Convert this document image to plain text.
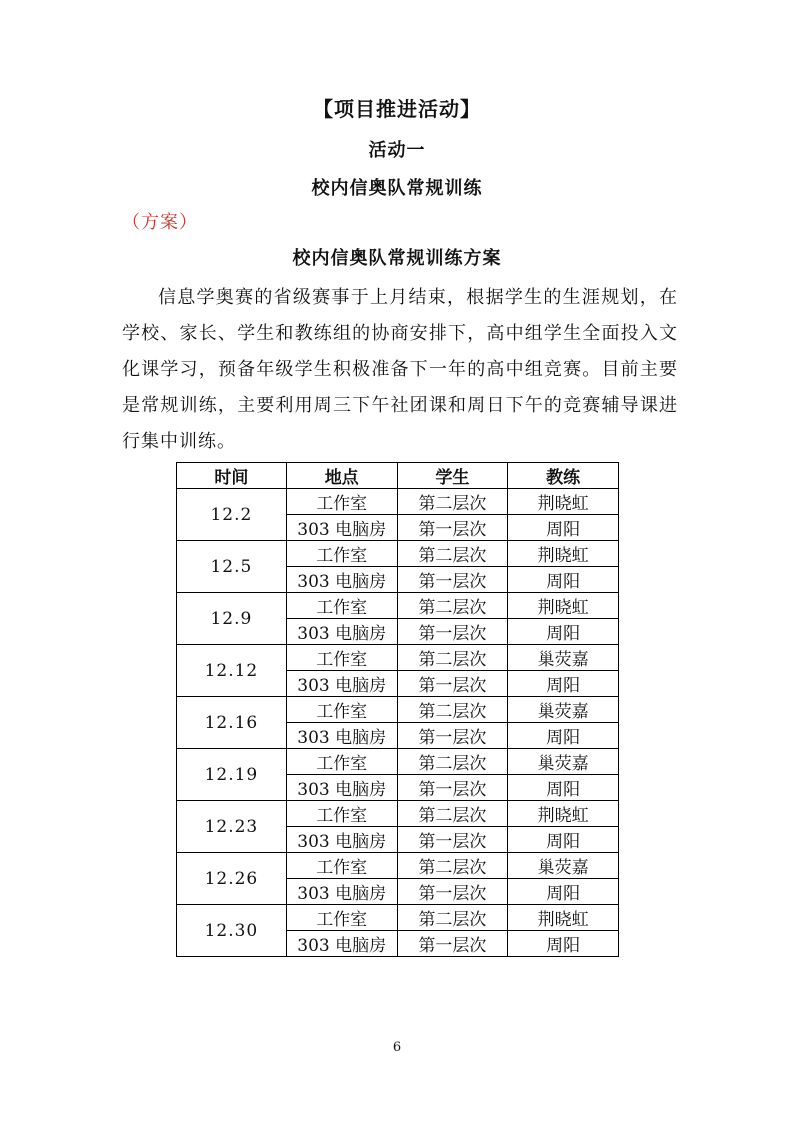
【项目推进活动】
活动一
校内信奥队常规训练
（方案）
校内信奥队常规训练方案

信息学奥赛的省级赛事于上月结束，根据学生的生涯规划，在学校、家长、学生和教练组的协商安排下，高中组学生全面投入文化课学习，预备年级学生积极准备下一年的高中组竞赛。目前主要是常规训练，主要利用周三下午社团课和周日下午的竞赛辅导课进行集中训练。

时间	地点	学生	教练
12.2	工作室	第二层次	荆晓虹
	303 电脑房	第一层次	周阳
12.5	工作室	第二层次	荆晓虹
	303 电脑房	第一层次	周阳
12.9	工作室	第二层次	荆晓虹
	303 电脑房	第一层次	周阳
12.12	工作室	第二层次	巢荧嘉
	303 电脑房	第一层次	周阳
12.16	工作室	第二层次	巢荧嘉
	303 电脑房	第一层次	周阳
12.19	工作室	第二层次	巢荧嘉
	303 电脑房	第一层次	周阳
12.23	工作室	第二层次	荆晓虹
	303 电脑房	第一层次	周阳
12.26	工作室	第二层次	巢荧嘉
	303 电脑房	第一层次	周阳
12.30	工作室	第二层次	荆晓虹
	303 电脑房	第一层次	周阳
6
